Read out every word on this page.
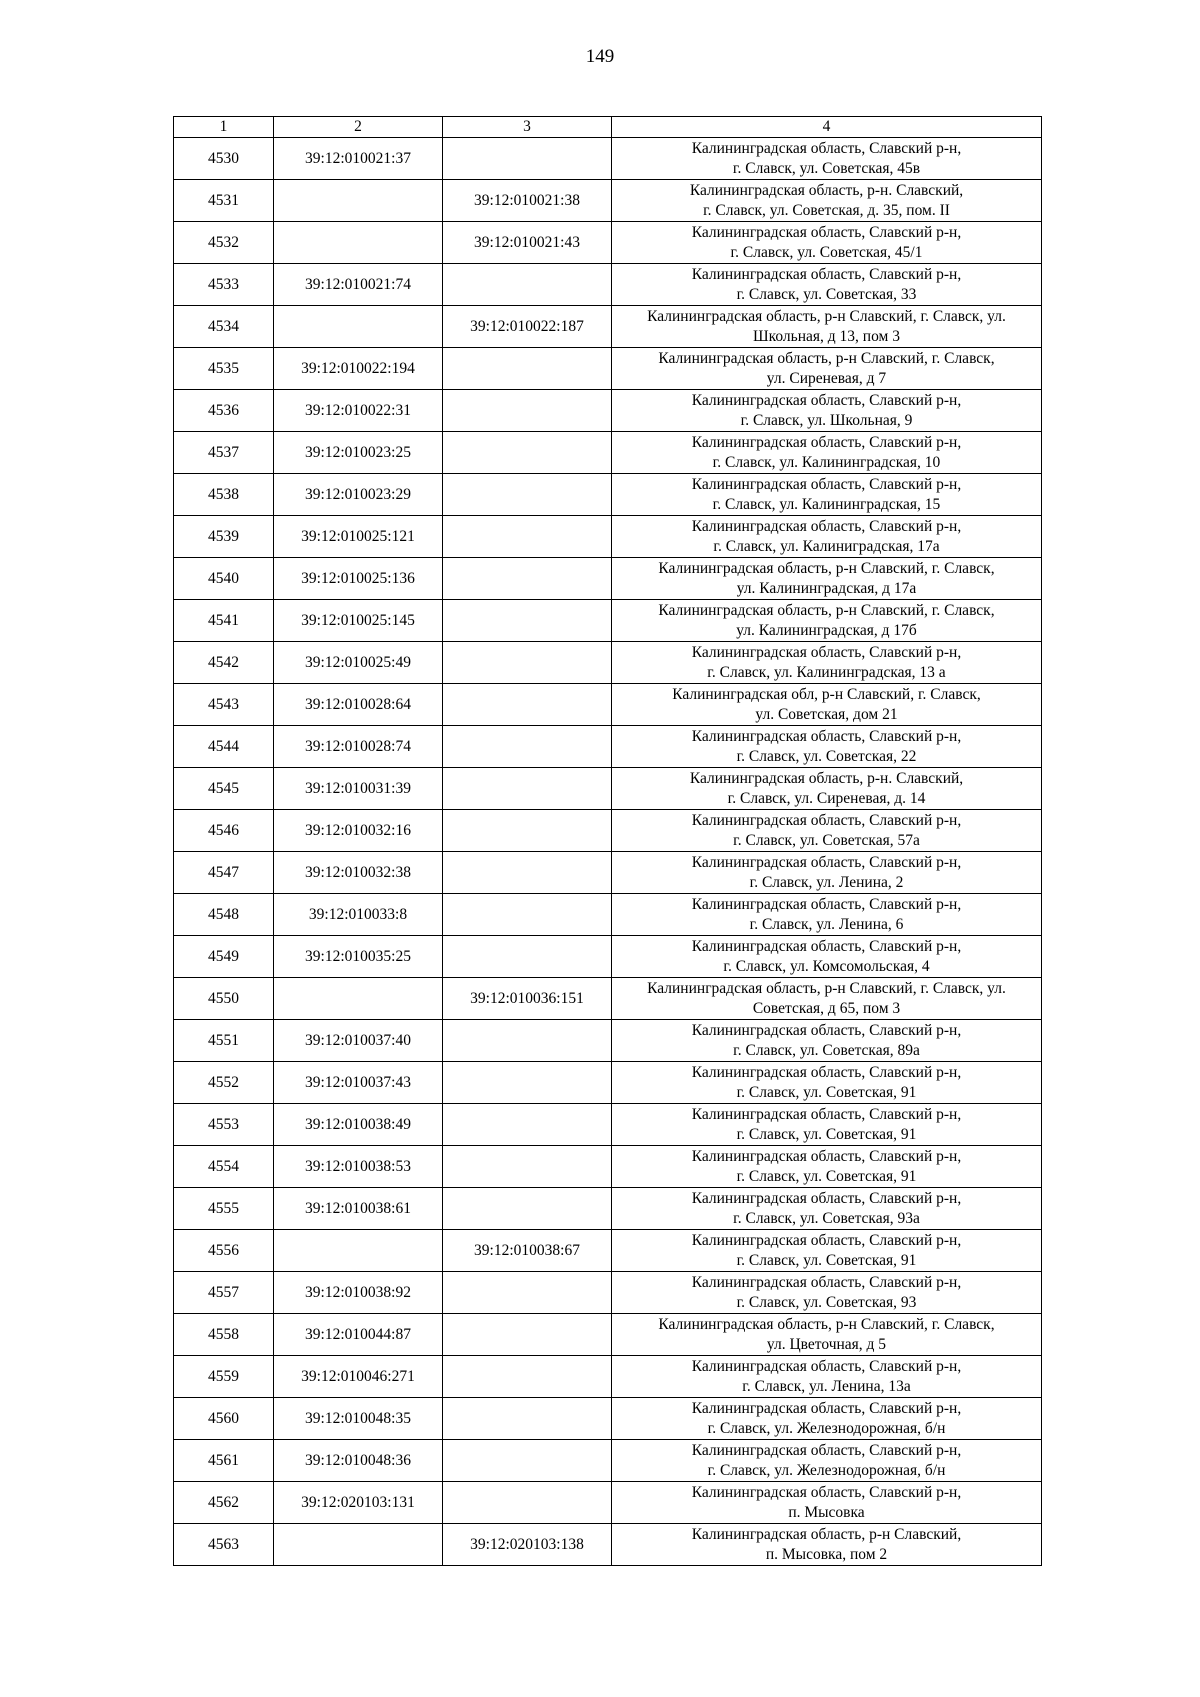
149
1	2	3	4
4530	39:12:010021:37		Калининградская область, Славский р-н,
г. Славск, ул. Советская, 45в

4531		39:12:010021:38	Калининградская область, р-н. Славский,
г. Славск, ул. Советская, д. 35, пом. II

4532		39:12:010021:43	Калининградская область, Славский р-н,
г. Славск, ул. Советская, 45/1

4533	39:12:010021:74		Калининградская область, Славский р-н,
г. Славск, ул. Советская, 33

4534		39:12:010022:187	Калининградская область, р-н Славский, г. Славск, ул.
Школьная, д 13, пом 3

4535	39:12:010022:194		Калининградская область, р-н Славский, г. Славск,
ул. Сиреневая, д 7

4536	39:12:010022:31		Калининградская область, Славский р-н,
г. Славск, ул. Школьная, 9

4537	39:12:010023:25		Калининградская область, Славский р-н,
г. Славск, ул. Калининградская, 10

4538	39:12:010023:29		Калининградская область, Славский р-н,
г. Славск, ул. Калининградская, 15

4539	39:12:010025:121		Калининградская область, Славский р-н,
г. Славск, ул. Калиниградская, 17а

4540	39:12:010025:136		Калининградская область, р-н Славский, г. Славск,
ул. Калининградская, д 17а

4541	39:12:010025:145		Калининградская область, р-н Славский, г. Славск,
ул. Калининградская, д 17б

4542	39:12:010025:49		Калининградская область, Славский р-н,
г. Славск, ул. Калининградская, 13 а

4543	39:12:010028:64		Калининградская обл, р-н Славский, г. Славск,
ул. Советская, дом 21

4544	39:12:010028:74		Калининградская область, Славский р-н,
г. Славск, ул. Советская, 22

4545	39:12:010031:39		Калининградская область, р-н. Славский,
г. Славск, ул. Сиреневая, д. 14

4546	39:12:010032:16		Калининградская область, Славский р-н,
г. Славск, ул. Советская, 57а

4547	39:12:010032:38		Калининградская область, Славский р-н,
г. Славск, ул. Ленина, 2

4548	39:12:010033:8		Калининградская область, Славский р-н,
г. Славск, ул. Ленина, 6

4549	39:12:010035:25		Калининградская область, Славский р-н,
г. Славск, ул. Комсомольская, 4

4550		39:12:010036:151	Калининградская область, р-н Славский, г. Славск, ул.
Советская, д 65, пом 3

4551	39:12:010037:40		Калининградская область, Славский р-н,
г. Славск, ул. Советская, 89а

4552	39:12:010037:43		Калининградская область, Славский р-н,
г. Славск, ул. Советская, 91

4553	39:12:010038:49		Калининградская область, Славский р-н,
г. Славск, ул. Советская, 91

4554	39:12:010038:53		Калининградская область, Славский р-н,
г. Славск, ул. Советская, 91

4555	39:12:010038:61		Калининградская область, Славский р-н,
г. Славск, ул. Советская, 93а

4556		39:12:010038:67	Калининградская область, Славский р-н,
г. Славск, ул. Советская, 91

4557	39:12:010038:92		Калининградская область, Славский р-н,
г. Славск, ул. Советская, 93

4558	39:12:010044:87		Калининградская область, р-н Славский, г. Славск,
ул. Цветочная, д 5

4559	39:12:010046:271		Калининградская область, Славский р-н,
г. Славск, ул. Ленина, 13а

4560	39:12:010048:35		Калининградская область, Славский р-н,
г. Славск, ул. Железнодорожная, б/н

4561	39:12:010048:36		Калининградская область, Славский р-н,
г. Славск, ул. Железнодорожная, б/н

4562	39:12:020103:131		Калининградская область, Славский р-н,
п. Мысовка

4563		39:12:020103:138	Калининградская область, р-н Славский,
п. Мысовка, пом 2
